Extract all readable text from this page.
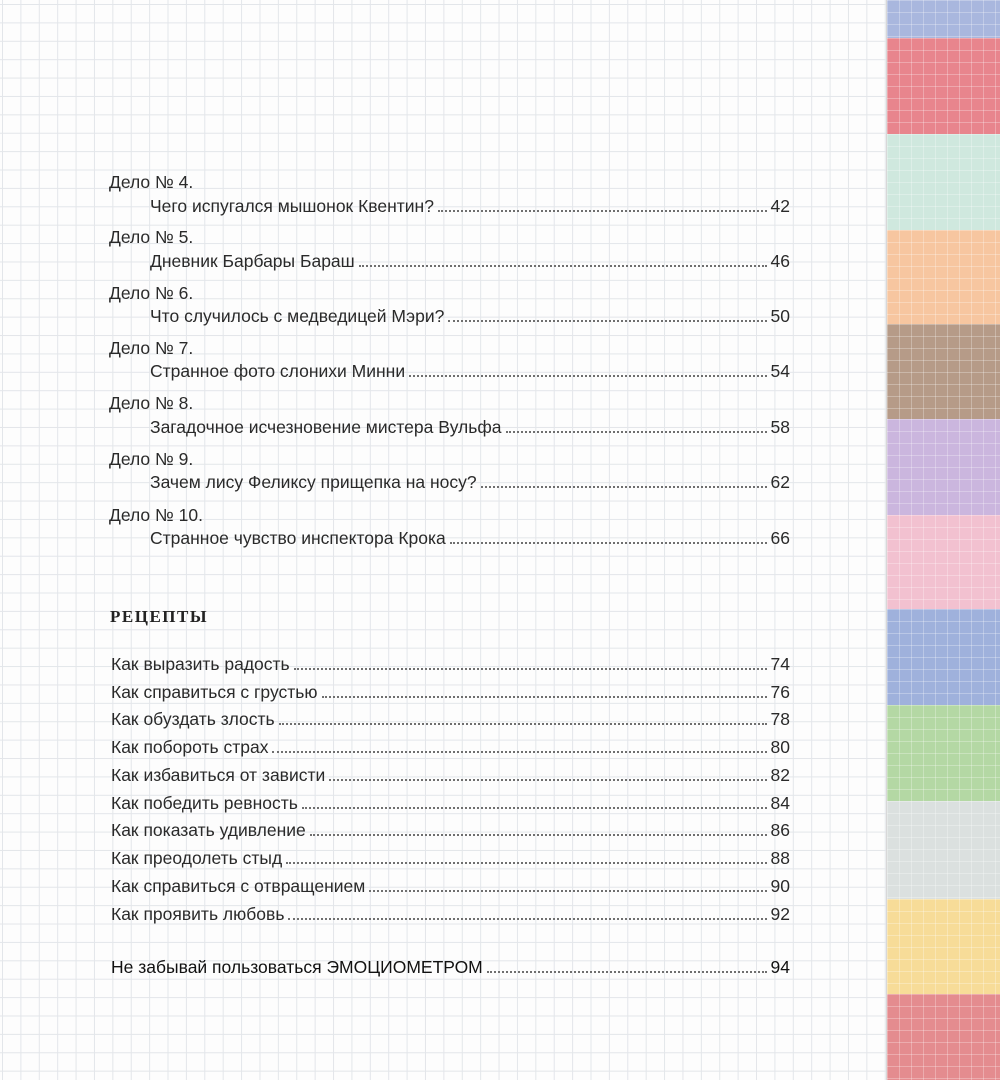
Дело № 4.
Чего испугался мышонок Квентин?	42
Дело № 5.
Дневник Барбары Бараш	46
Дело № 6.
Что случилось с медведицей Мэри?	50
Дело № 7.
Странное фото слонихи Минни	54
Дело № 8.
Загадочное исчезновение мистера Вульфа	58
Дело № 9.
Зачем лису Феликсу прищепка на носу?	62
Дело № 10.
Странное чувство инспектора Крока	66
РЕЦЕПТЫ
Как выразить радость	74
Как справиться с грустью	76
Как обуздать злость	78
Как побороть страх	80
Как избавиться от зависти	82
Как победить ревность	84
Как показать удивление	86
Как преодолеть стыд	88
Как справиться с отвращением	90
Как проявить любовь	92
Не забывай пользоваться ЭМОЦИОМЕТРОМ	94
